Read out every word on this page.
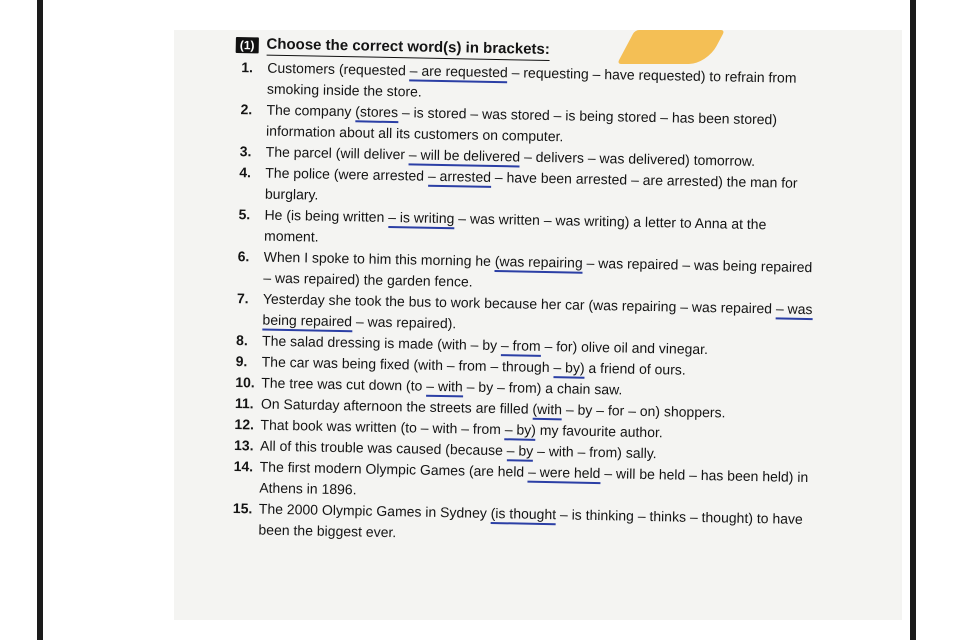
(1) Choose the correct word(s) in brackets:
1.	Customers (requested – are requested – requesting – have requested) to refrain from smoking inside the store.
2.	The company (stores – is stored – was stored – is being stored – has been stored) information about all its customers on computer.
3.	The parcel (will deliver – will be delivered – delivers – was delivered) tomorrow.
4.	The police (were arrested – arrested – have been arrested – are arrested) the man for burglary.
5.	He (is being written – is writing – was written – was writing) a letter to Anna at the moment.
6.	When I spoke to him this morning he (was repairing – was repaired – was being repaired – was repaired) the garden fence.
7.	Yesterday she took the bus to work because her car (was repairing – was repaired – was being repaired – was repaired).
8.	The salad dressing is made (with – by – from – for) olive oil and vinegar.
9.	The car was being fixed (with – from – through – by) a friend of ours.
10. The tree was cut down (to – with – by – from) a chain saw.
11. On Saturday afternoon the streets are filled (with – by – for – on) shoppers.
12. That book was written (to – with – from – by) my favourite author.
13. All of this trouble was caused (because – by – with – from) sally.
14. The first modern Olympic Games (are held – were held – will be held – has been held) in Athens in 1896.
15. The 2000 Olympic Games in Sydney (is thought – is thinking – thinks – thought) to have been the biggest ever.
